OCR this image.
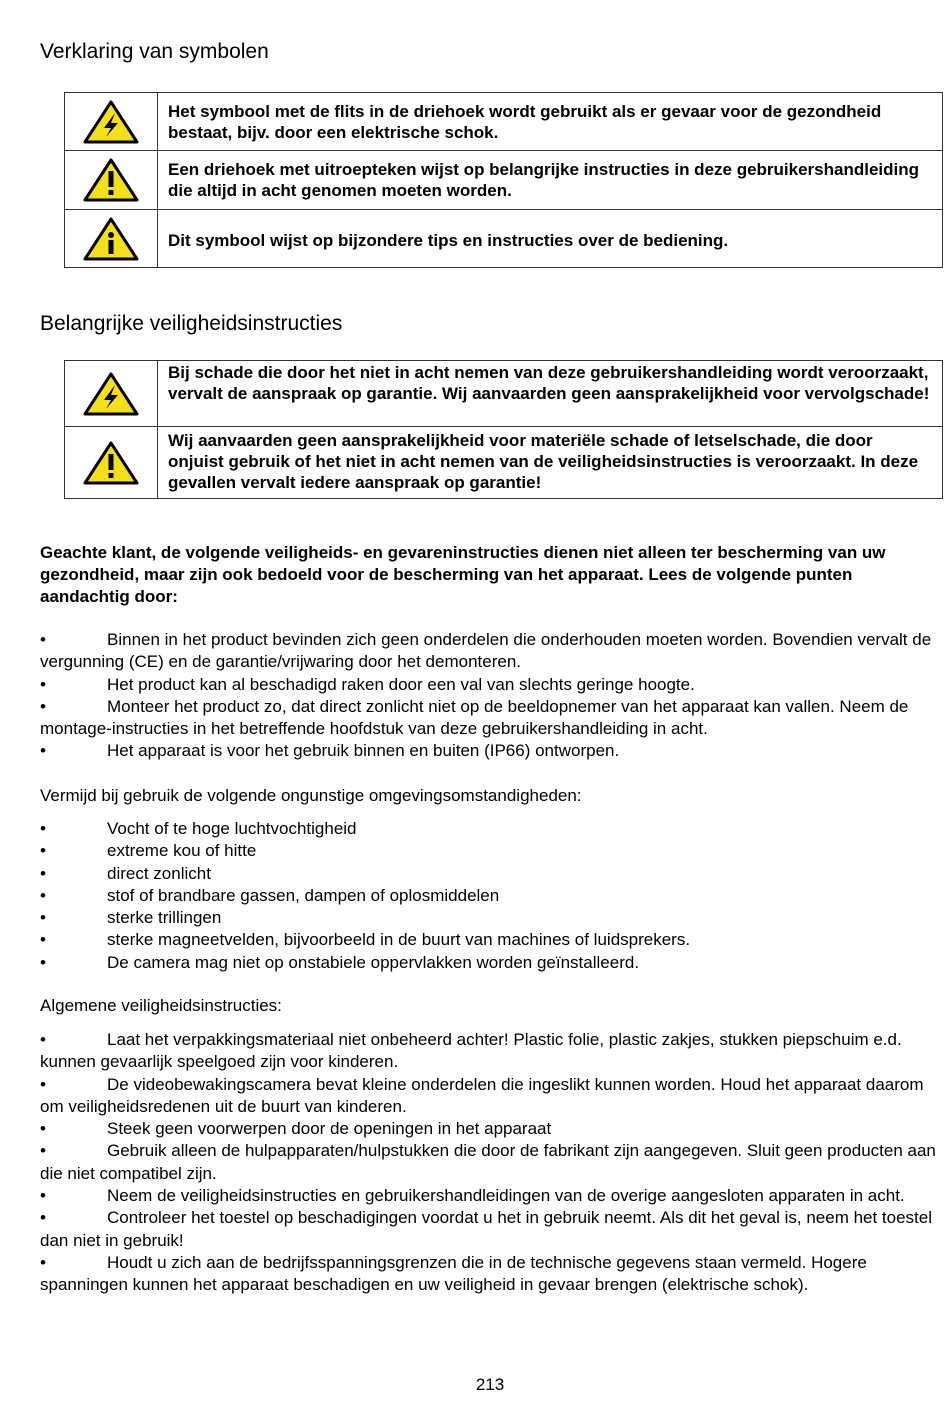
Verklaring van symbolen
	Het symbool met de flits in de driehoek wordt gebruikt als er gevaar voor de gezondheid bestaat, bijv. door een elektrische schok.

	Een driehoek met uitroepteken wijst op belangrijke instructies in deze gebruikershandleiding die altijd in acht genomen moeten worden.

	Dit symbool wijst op bijzondere tips en instructies over de bediening.
Belangrijke veiligheidsinstructies
	Bij schade die door het niet in acht nemen van deze gebruikershandleiding wordt veroorzaakt, vervalt de aanspraak op garantie. Wij aanvaarden geen aansprakelijkheid voor vervolgschade!

	Wij aanvaarden geen aansprakelijkheid voor materiële schade of letselschade, die door onjuist gebruik of het niet in acht nemen van de veiligheidsinstructies is veroorzaakt. In deze gevallen vervalt iedere aanspraak op garantie!

Geachte klant, de volgende veiligheids- en gevareninstructies dienen niet alleen ter bescherming van uw gezondheid, maar zijn ook bedoeld voor de bescherming van het apparaat. Lees de volgende punten aandachtig door:

•	Binnen in het product bevinden zich geen onderdelen die onderhouden moeten worden. Bovendien vervalt de vergunning (CE) en de garantie/vrijwaring door het demonteren.
•	Het product kan al beschadigd raken door een val van slechts geringe hoogte.
•	Monteer het product zo, dat direct zonlicht niet op de beeldopnemer van het apparaat kan vallen. Neem de montage-instructies in het betreffende hoofdstuk van deze gebruikershandleiding in acht.
•	Het apparaat is voor het gebruik binnen en buiten (IP66) ontworpen.

Vermijd bij gebruik de volgende ongunstige omgevingsomstandigheden:

•	Vocht of te hoge luchtvochtigheid
•	extreme kou of hitte
•	direct zonlicht
•	stof of brandbare gassen, dampen of oplosmiddelen
•	sterke trillingen
•	sterke magneetvelden, bijvoorbeeld in de buurt van machines of luidsprekers.
•	De camera mag niet op onstabiele oppervlakken worden geïnstalleerd.

Algemene veiligheidsinstructies:

•	Laat het verpakkingsmateriaal niet onbeheerd achter! Plastic folie, plastic zakjes, stukken piepschuim e.d. kunnen gevaarlijk speelgoed zijn voor kinderen.
•	De videobewakingscamera bevat kleine onderdelen die ingeslikt kunnen worden. Houd het apparaat daarom om veiligheidsredenen uit de buurt van kinderen.
•	Steek geen voorwerpen door de openingen in het apparaat
•	Gebruik alleen de hulpapparaten/hulpstukken die door de fabrikant zijn aangegeven. Sluit geen producten aan die niet compatibel zijn.
•	Neem de veiligheidsinstructies en gebruikershandleidingen van de overige aangesloten apparaten in acht.
•	Controleer het toestel op beschadigingen voordat u het in gebruik neemt. Als dit het geval is, neem het toestel dan niet in gebruik!
•	Houdt u zich aan de bedrijfsspanningsgrenzen die in de technische gegevens staan vermeld. Hogere spanningen kunnen het apparaat beschadigen en uw veiligheid in gevaar brengen (elektrische schok).
213
